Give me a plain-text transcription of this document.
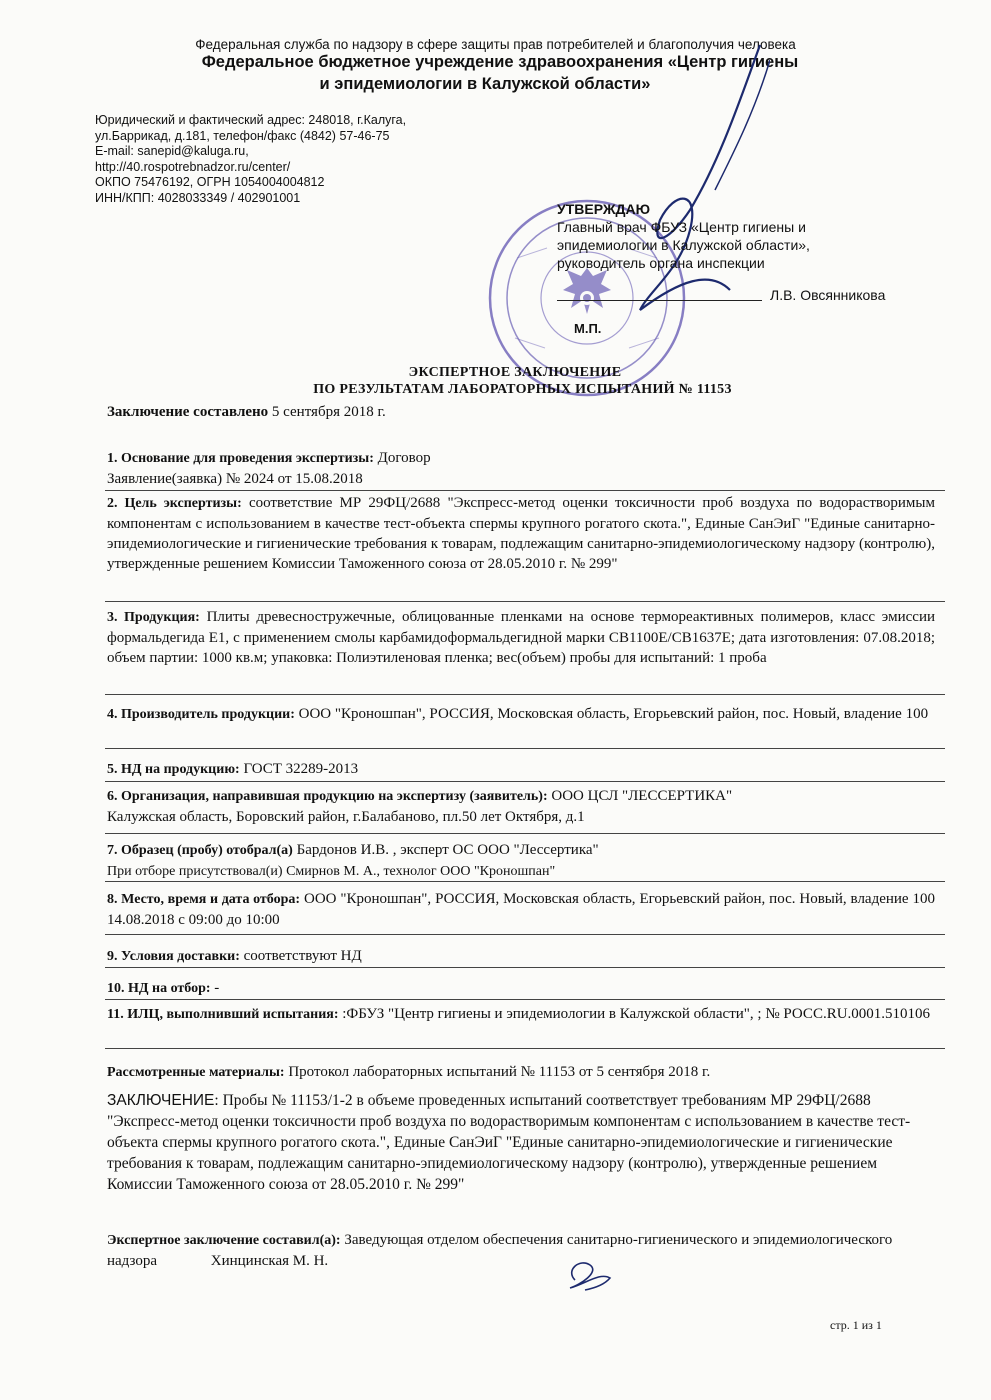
Федеральная служба по надзору в сфере защиты прав потребителей и благополучия человека
Федеральное бюджетное учреждение здравоохранения «Центр гигиены
и эпидемиологии в Калужской области»
Юридический и фактический адрес: 248018, г.Калуга,
ул.Баррикад, д.181, телефон/факс (4842) 57-46-75
E-mail: sanepid@kaluga.ru,
http://40.rospotrebnadzor.ru/center/
ОКПО 75476192, ОГРН 1054004004812
ИНН/КПП: 4028033349 / 402901001
УТВЕРЖДАЮ
Главный врач ФБУЗ «Центр гигиены и
эпидемиологии в Калужской области»,
руководитель органа инспекции
Л.В. Овсянникова
М.П.
ЭКСПЕРТНОЕ ЗАКЛЮЧЕНИЕ
ПО РЕЗУЛЬТАТАМ ЛАБОРАТОРНЫХ ИСПЫТАНИЙ № 11153
Заключение составлено 5 сентября 2018 г.
1. Основание для проведения экспертизы: Договор
Заявление(заявка) № 2024 от 15.08.2018
2. Цель экспертизы: соответствие МР 29ФЦ/2688 "Экспресс-метод оценки токсичности проб воздуха по водорастворимым компонентам с использованием в качестве тест-объекта спермы крупного рогатого скота.", Единые СанЭиГ "Единые санитарно-эпидемиологические и гигиенические требования к товарам, подлежащим санитарно-эпидемиологическому надзору (контролю), утвержденные решением Комиссии Таможенного союза от 28.05.2010 г. № 299"
3. Продукция: Плиты древесностружечные, облицованные пленками на основе термореактивных полимеров, класс эмиссии формальдегида Е1, с применением смолы карбамидоформальдегидной марки СВ1100Е/СВ1637Е; дата изготовления: 07.08.2018; объем партии: 1000 кв.м; упаковка: Полиэтиленовая пленка; вес(объем) пробы для испытаний: 1 проба
4. Производитель продукции: ООО "Кроношпан", РОССИЯ, Московская область, Егорьевский район, пос. Новый, владение 100
5. НД на продукцию: ГОСТ 32289-2013
6. Организация, направившая продукцию на экспертизу (заявитель): ООО ЦСЛ "ЛЕССЕРТИКА"
Калужская область, Боровский район, г.Балабаново, пл.50 лет Октября, д.1
7. Образец (пробу) отобрал(а) Бардонов И.В. , эксперт ОС ООО "Лессертика"
При отборе присутствовал(и) Смирнов М. А., технолог ООО "Кроношпан"
8. Место, время и дата отбора: ООО "Кроношпан", РОССИЯ, Московская область, Егорьевский район, пос. Новый, владение 100 14.08.2018 с 09:00 до 10:00
9. Условия доставки: соответствуют НД
10. НД на отбор: -
11. ИЛЦ, выполнивший испытания: :ФБУЗ "Центр гигиены и эпидемиологии в Калужской области", ; № РОСС.RU.0001.510106
Рассмотренные материалы: Протокол лабораторных испытаний № 11153 от 5 сентября 2018 г.
ЗАКЛЮЧЕНИЕ: Пробы № 11153/1-2 в объеме проведенных испытаний соответствует требованиям МР 29ФЦ/2688 "Экспресс-метод оценки токсичности проб воздуха по водорастворимым компонентам с использованием в качестве тест-объекта спермы крупного рогатого скота.", Единые СанЭиГ "Единые санитарно-эпидемиологические и гигиенические требования к товарам, подлежащим санитарно-эпидемиологическому надзору (контролю), утвержденные решением Комиссии Таможенного союза от 28.05.2010 г. № 299"
Экспертное заключение составил(а): Заведующая отделом обеспечения санитарно-гигиенического и эпидемиологического надзора	Хинцинская М. Н.
стр. 1 из 1
